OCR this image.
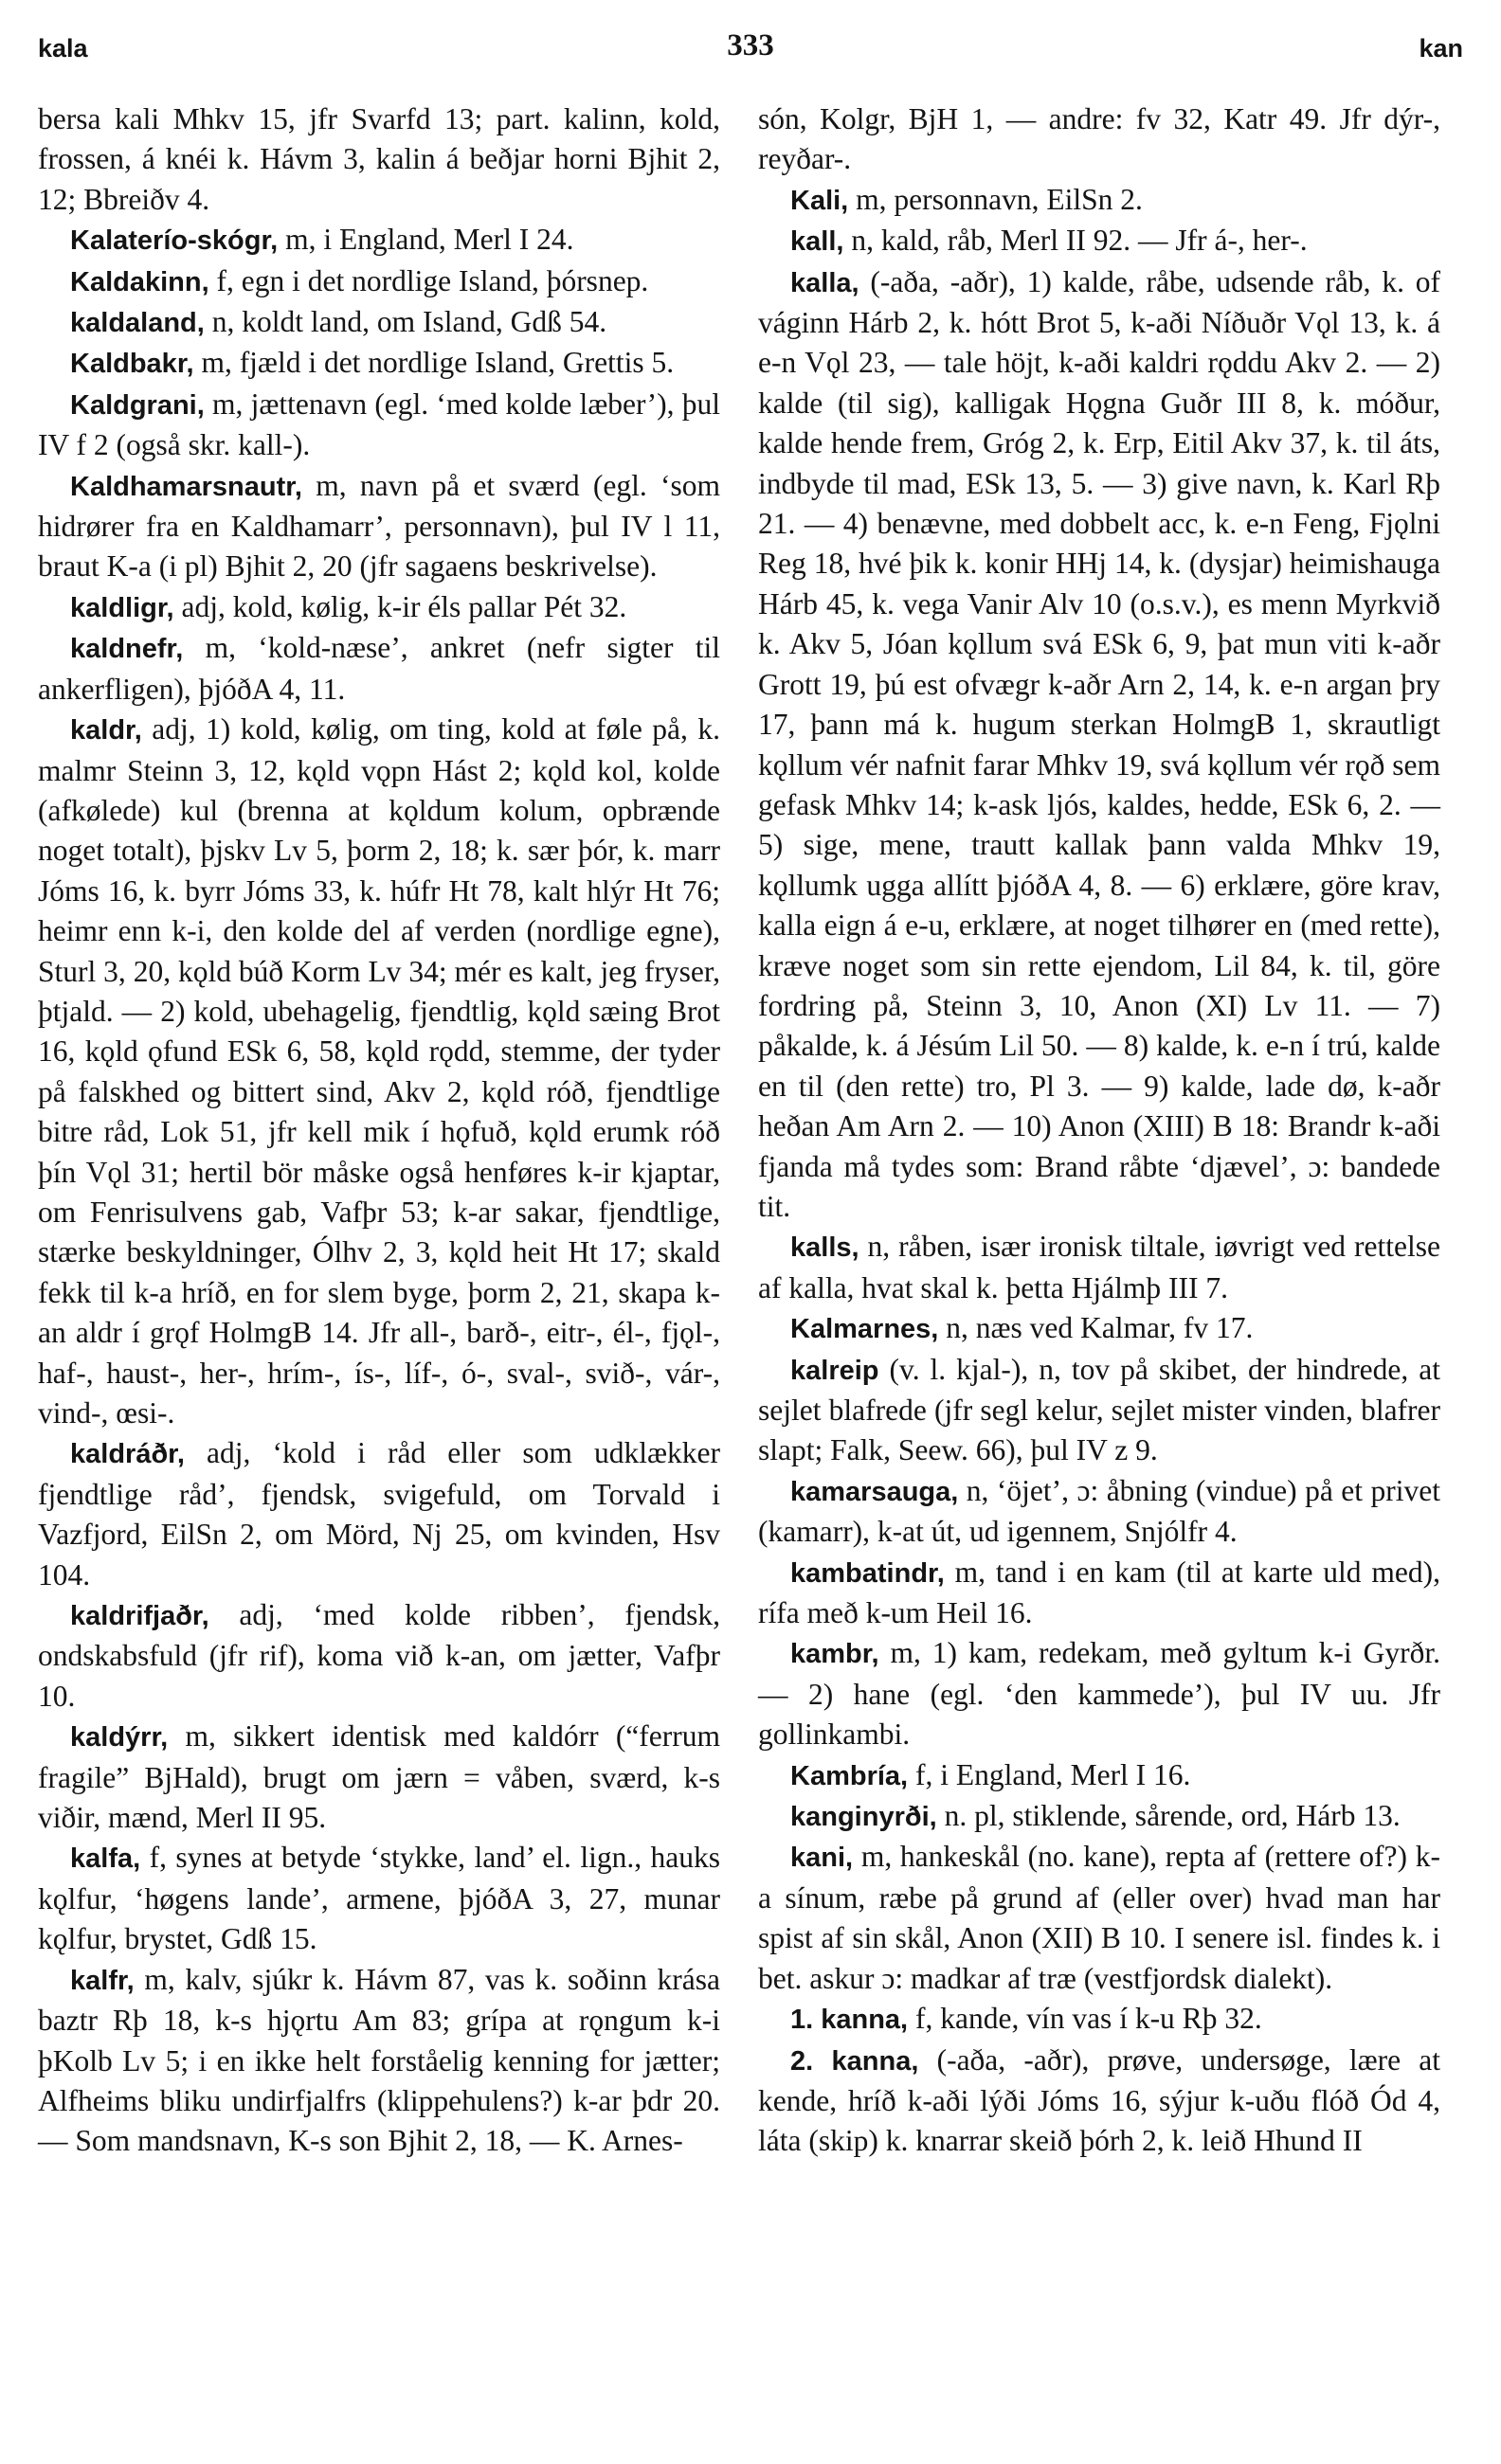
kala	333	kan

bersa kali Mhkv 15, jfr Svarfd 13; part. kalinn, kold, frossen, á knéi k. Hávm 3, kalin á beðjar horni Bjhit 2, 12; Bbreiðv 4.

Kalaterío-skógr, m, i England, Merl I 24.

Kaldakinn, f, egn i det nordlige Island, þórsnep.

kaldaland, n, koldt land, om Island, Gdß 54.

Kaldbakr, m, fjæld i det nordlige Island, Grettis 5.

Kaldgrani, m, jættenavn (egl. ‘med kolde læber’), þul IV f 2 (også skr. kall-).

Kaldhamarsnautr, m, navn på et sværd (egl. ‘som hidrører fra en Kaldhamarr’, personnavn), þul IV l 11, braut K-a (i pl) Bjhit 2, 20 (jfr sagaens beskrivelse).

kaldligr, adj, kold, kølig, k-ir éls pallar Pét 32.

kaldnefr, m, ‘kold-næse’, ankret (nefr sigter til ankerfligen), þjóðA 4, 11.

kaldr, adj, 1) kold, kølig, om ting, kold at føle på, k. malmr Steinn 3, 12, kǫld vǫpn Hást 2; kǫld kol, kolde (afkølede) kul (brenna at kǫldum kolum, opbrænde noget totalt), þjskv Lv 5, þorm 2, 18; k. sær þór, k. marr Jóms 16, k. byrr Jóms 33, k. húfr Ht 78, kalt hlýr Ht 76; heimr enn k-i, den kolde del af verden (nordlige egne), Sturl 3, 20, kǫld búð Korm Lv 34; mér es kalt, jeg fryser, þtjald. — 2) kold, ubehagelig, fjendtlig, kǫld sæing Brot 16, kǫld ǫfund ESk 6, 58, kǫld rǫdd, stemme, der tyder på falskhed og bittert sind, Akv 2, kǫld róð, fjendtlige bitre råd, Lok 51, jfr kell mik í hǫfuð, kǫld erumk róð þín Vǫl 31; hertil bör måske også henføres k-ir kjaptar, om Fenrisulvens gab, Vafþr 53; k-ar sakar, fjendtlige, stærke beskyldninger, Ólhv 2, 3, kǫld heit Ht 17; skald fekk til k-a hríð, en for slem byge, þorm 2, 21, skapa k-an aldr í grǫf HolmgB 14. Jfr all-, barð-, eitr-, él-, fjǫl-, haf-, haust-, her-, hrím-, ís-, líf-, ó-, sval-, svið-, vár-, vind-, œsi-.

kaldráðr, adj, ‘kold i råd eller som udklækker fjendtlige råd’, fjendsk, svigefuld, om Torvald i Vazfjord, EilSn 2, om Mörd, Nj 25, om kvinden, Hsv 104.

kaldrifjaðr, adj, ‘med kolde ribben’, fjendsk, ondskabsfuld (jfr rif), koma við k-an, om jætter, Vafþr 10.

kaldýrr, m, sikkert identisk med kaldórr (“ferrum fragile” BjHald), brugt om jærn = våben, sværd, k-s viðir, mænd, Merl II 95.

kalfa, f, synes at betyde ‘stykke, land’ el. lign., hauks kǫlfur, ‘høgens lande’, armene, þjóðA 3, 27, munar kǫlfur, brystet, Gdß 15.

kalfr, m, kalv, sjúkr k. Hávm 87, vas k. soðinn krása baztr Rþ 18, k-s hjǫrtu Am 83; grípa at rǫngum k-i þKolb Lv 5; i en ikke helt forståelig kenning for jætter; Alfheims bliku undirfjalfrs (klippehulens?) k-ar þdr 20. — Som mandsnavn, K-s son Bjhit 2, 18, — K. Arnes-

són, Kolgr, BjH 1, — andre: fv 32, Katr 49. Jfr dýr-, reyðar-.

Kali, m, personnavn, EilSn 2.

kall, n, kald, råb, Merl II 92. — Jfr á-, her-.

kalla, (-aða, -aðr), 1) kalde, råbe, udsende råb, k. of váginn Hárb 2, k. hótt Brot 5, k-aði Níðuðr Vǫl 13, k. á e-n Vǫl 23, — tale höjt, k-aði kaldri rǫddu Akv 2. — 2) kalde (til sig), kalligak Hǫgna Guðr III 8, k. móður, kalde hende frem, Gróg 2, k. Erp, Eitil Akv 37, k. til áts, indbyde til mad, ESk 13, 5. — 3) give navn, k. Karl Rþ 21. — 4) benævne, med dobbelt acc, k. e-n Feng, Fjǫlni Reg 18, hvé þik k. konir HHj 14, k. (dysjar) heimishauga Hárb 45, k. vega Vanir Alv 10 (o.s.v.), es menn Myrkvið k. Akv 5, Jóan kǫllum svá ESk 6, 9, þat mun viti k-aðr Grott 19, þú est ofvægr k-aðr Arn 2, 14, k. e-n argan þry 17, þann má k. hugum sterkan HolmgB 1, skrautligt kǫllum vér nafnit farar Mhkv 19, svá kǫllum vér rǫð sem gefask Mhkv 14; k-ask ljós, kaldes, hedde, ESk 6, 2. — 5) sige, mene, trautt kallak þann valda Mhkv 19, kǫllumk ugga allítt þjóðA 4, 8. — 6) erklære, göre krav, kalla eign á e-u, erklære, at noget tilhører en (med rette), kræve noget som sin rette ejendom, Lil 84, k. til, göre fordring på, Steinn 3, 10, Anon (XI) Lv 11. — 7) påkalde, k. á Jésúm Lil 50. — 8) kalde, k. e-n í trú, kalde en til (den rette) tro, Pl 3. — 9) kalde, lade dø, k-aðr heðan Am Arn 2. — 10) Anon (XIII) B 18: Brandr k-aði fjanda må tydes som: Brand råbte ‘djævel’, ɔ: bandede tit.

kalls, n, råben, især ironisk tiltale, iøvrigt ved rettelse af kalla, hvat skal k. þetta Hjálmþ III 7.

Kalmarnes, n, næs ved Kalmar, fv 17.

kalreip (v. l. kjal-), n, tov på skibet, der hindrede, at sejlet blafrede (jfr segl kelur, sejlet mister vinden, blafrer slapt; Falk, Seew. 66), þul IV z 9.

kamarsauga, n, ‘öjet’, ɔ: åbning (vindue) på et privet (kamarr), k-at út, ud igennem, Snjólfr 4.

kambatindr, m, tand i en kam (til at karte uld med), rífa með k-um Heil 16.

kambr, m, 1) kam, redekam, með gyltum k-i Gyrðr. — 2) hane (egl. ‘den kammede’), þul IV uu. Jfr gollinkambi.

Kambría, f, i England, Merl I 16.

kanginyrði, n. pl, stiklende, sårende, ord, Hárb 13.

kani, m, hankeskål (no. kane), repta af (rettere of?) k-a sínum, ræbe på grund af (eller over) hvad man har spist af sin skål, Anon (XII) B 10. I senere isl. findes k. i bet. askur ɔ: madkar af træ (vestfjordsk dialekt).

1. kanna, f, kande, vín vas í k-u Rþ 32.

2. kanna, (-aða, -aðr), prøve, undersøge, lære at kende, hríð k-aði lýði Jóms 16, sýjur k-uðu flóð Ód 4, láta (skip) k. knarrar skeið þórh 2, k. leið Hhund II
